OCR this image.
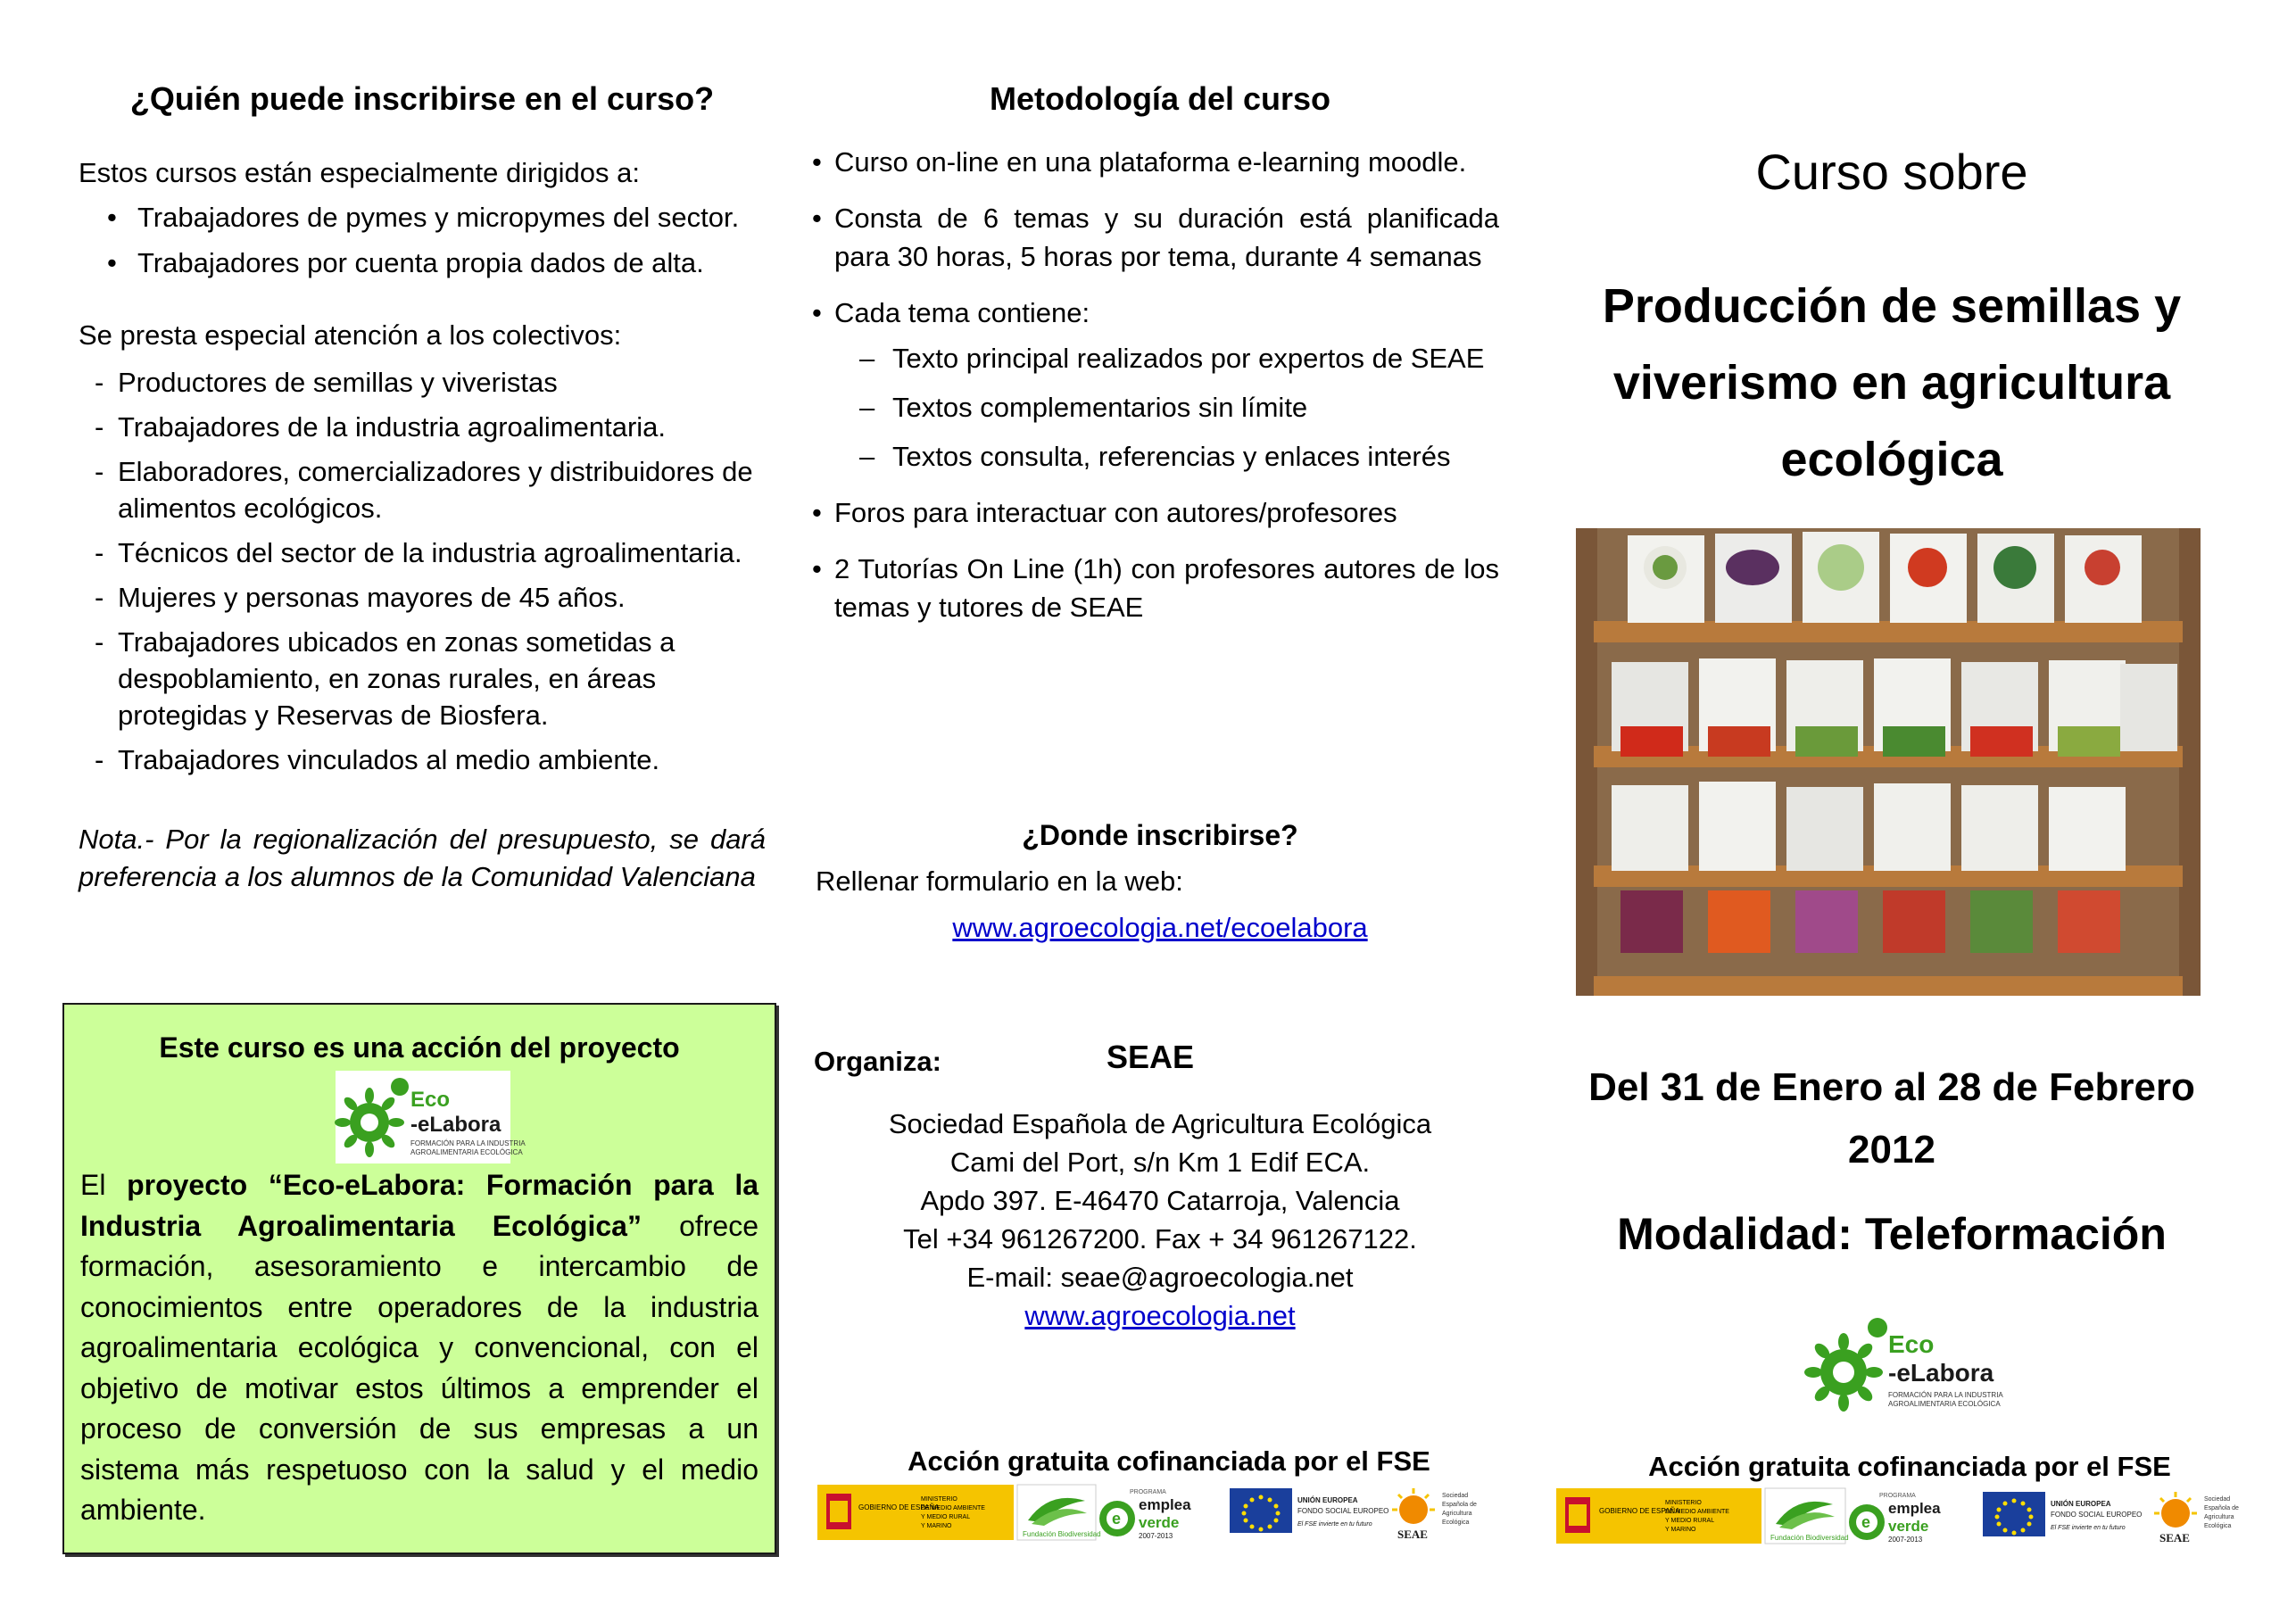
¿Quién puede inscribirse en el curso?
Estos cursos están especialmente dirigidos a:
• Trabajadores de pymes y micropymes del sector.
• Trabajadores por cuenta propia dados de alta.
Se presta especial atención a los colectivos:
- Productores de semillas y viveristas
- Trabajadores de la industria agroalimentaria.
- Elaboradores, comercializadores y distribuidores de alimentos ecológicos.
- Técnicos del sector de la industria agroalimentaria.
- Mujeres y personas mayores de 45 años.
- Trabajadores ubicados en zonas sometidas a despoblamiento, en zonas rurales, en áreas protegidas y Reservas de Biosfera.
- Trabajadores vinculados al medio ambiente.
Nota.- Por la regionalización del presupuesto, se dará preferencia a los alumnos de la Comunidad Valenciana
Este curso es una acción del proyecto
Eco
-eLabora
FORMACIÓN PARA LA INDUSTRIA
AGROALIMENTARIA ECOLÓGICA
El proyecto “Eco-eLabora: Formación para la Industria Agroalimentaria Ecológica” ofrece formación, asesoramiento e intercambio de conocimientos entre operadores de la industria agroalimentaria ecológica y convencional, con el objetivo de motivar estos últimos a emprender el proceso de conversión de sus empresas a un sistema más respetuoso con la salud y el medio ambiente.
Metodología del curso
• Curso on-line en una plataforma e-learning moodle.
• Consta de 6 temas y su duración está planificada para 30 horas, 5 horas por tema, durante 4 semanas
• Cada tema contiene:
– Texto principal realizados por expertos de SEAE
– Textos complementarios sin límite
– Textos consulta, referencias y enlaces interés
• Foros para interactuar con autores/profesores
• 2 Tutorías On Line (1h) con profesores autores de los temas y tutores de SEAE
¿Donde inscribirse?
Rellenar formulario en la web:
www.agroecologia.net/ecoelabora
Organiza:	SEAE
Sociedad Española de Agricultura Ecológica
Cami del Port, s/n Km 1 Edif ECA.
Apdo 397. E-46470 Catarroja, Valencia
Tel +34 961267200. Fax + 34 961267122.
E-mail: seae@agroecologia.net
www.agroecologia.net
Acción gratuita cofinanciada por el FSE
GOBIERNO DE ESPAÑA
MINISTERIO
DE MEDIO AMBIENTE
Y MEDIO RURAL
Y MARINO
Fundación Biodiversidad
PROGRAMA
e
emplea
verde
2007-2013
UNIÓN EUROPEA
FONDO SOCIAL EUROPEO
El FSE invierte en tu futuro
SEAE
Sociedad
Española de
Agricultura
Ecológica
Curso sobre
Producción de semillas y viverismo en agricultura ecológica
Del 31 de Enero al 28 de Febrero
2012
Modalidad: Teleformación
Eco
-eLabora
FORMACIÓN PARA LA INDUSTRIA
AGROALIMENTARIA ECOLÓGICA
Acción gratuita cofinanciada por el FSE
GOBIERNO DE ESPAÑA
MINISTERIO
DE MEDIO AMBIENTE
Y MEDIO RURAL
Y MARINO
Fundación Biodiversidad
PROGRAMA
e
emplea
verde
2007-2013
UNIÓN EUROPEA
FONDO SOCIAL EUROPEO
El FSE invierte en tu futuro
SEAE
Sociedad
Española de
Agricultura
Ecológica
